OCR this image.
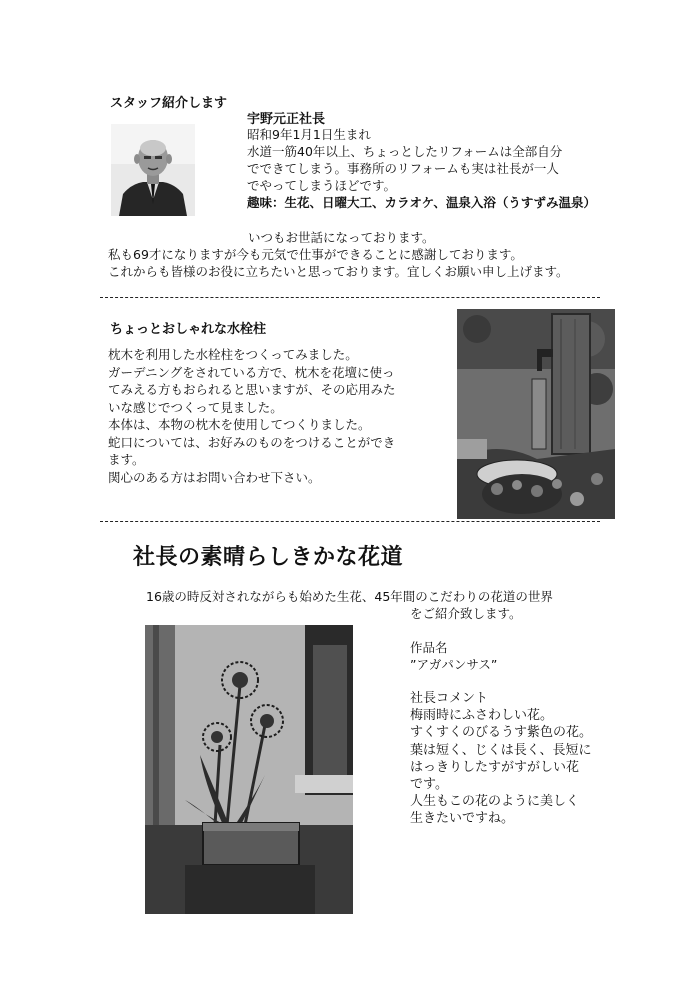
スタッフ紹介します
宇野元正社長
昭和9年1月1日生まれ
水道一筋40年以上、ちょっとしたリフォームは全部自分
でできてしまう。事務所のリフォームも実は社長が一人
でやってしまうほどです。
趣味：生花、日曜大工、カラオケ、温泉入浴（うすずみ温泉）
いつもお世話になっております。
私も69才になりますが今も元気で仕事ができることに感謝しております。
これからも皆様のお役に立ちたいと思っております。宜しくお願い申し上げます。
ちょっとおしゃれな水栓柱
枕木を利用した水栓柱をつくってみました。
ガーデニングをされている方で、枕木を花壇に使っ
てみえる方もおられると思いますが、その応用みた
いな感じでつくって見ました。
本体は、本物の枕木を使用してつくりました。
蛇口については、お好みのものをつけることができ
ます。
関心のある方はお問い合わせ下さい。
社長の素晴らしきかな花道
16歳の時反対されながらも始めた生花、45年間のこだわりの花道の世界
をご紹介致します。
作品名
”アガパンサス”
社長コメント
梅雨時にふさわしい花。
すくすくのびるうす紫色の花。
葉は短く、じくは長く、長短に
はっきりしたすがすがしい花
です。
人生もこの花のように美しく
生きたいですね。
